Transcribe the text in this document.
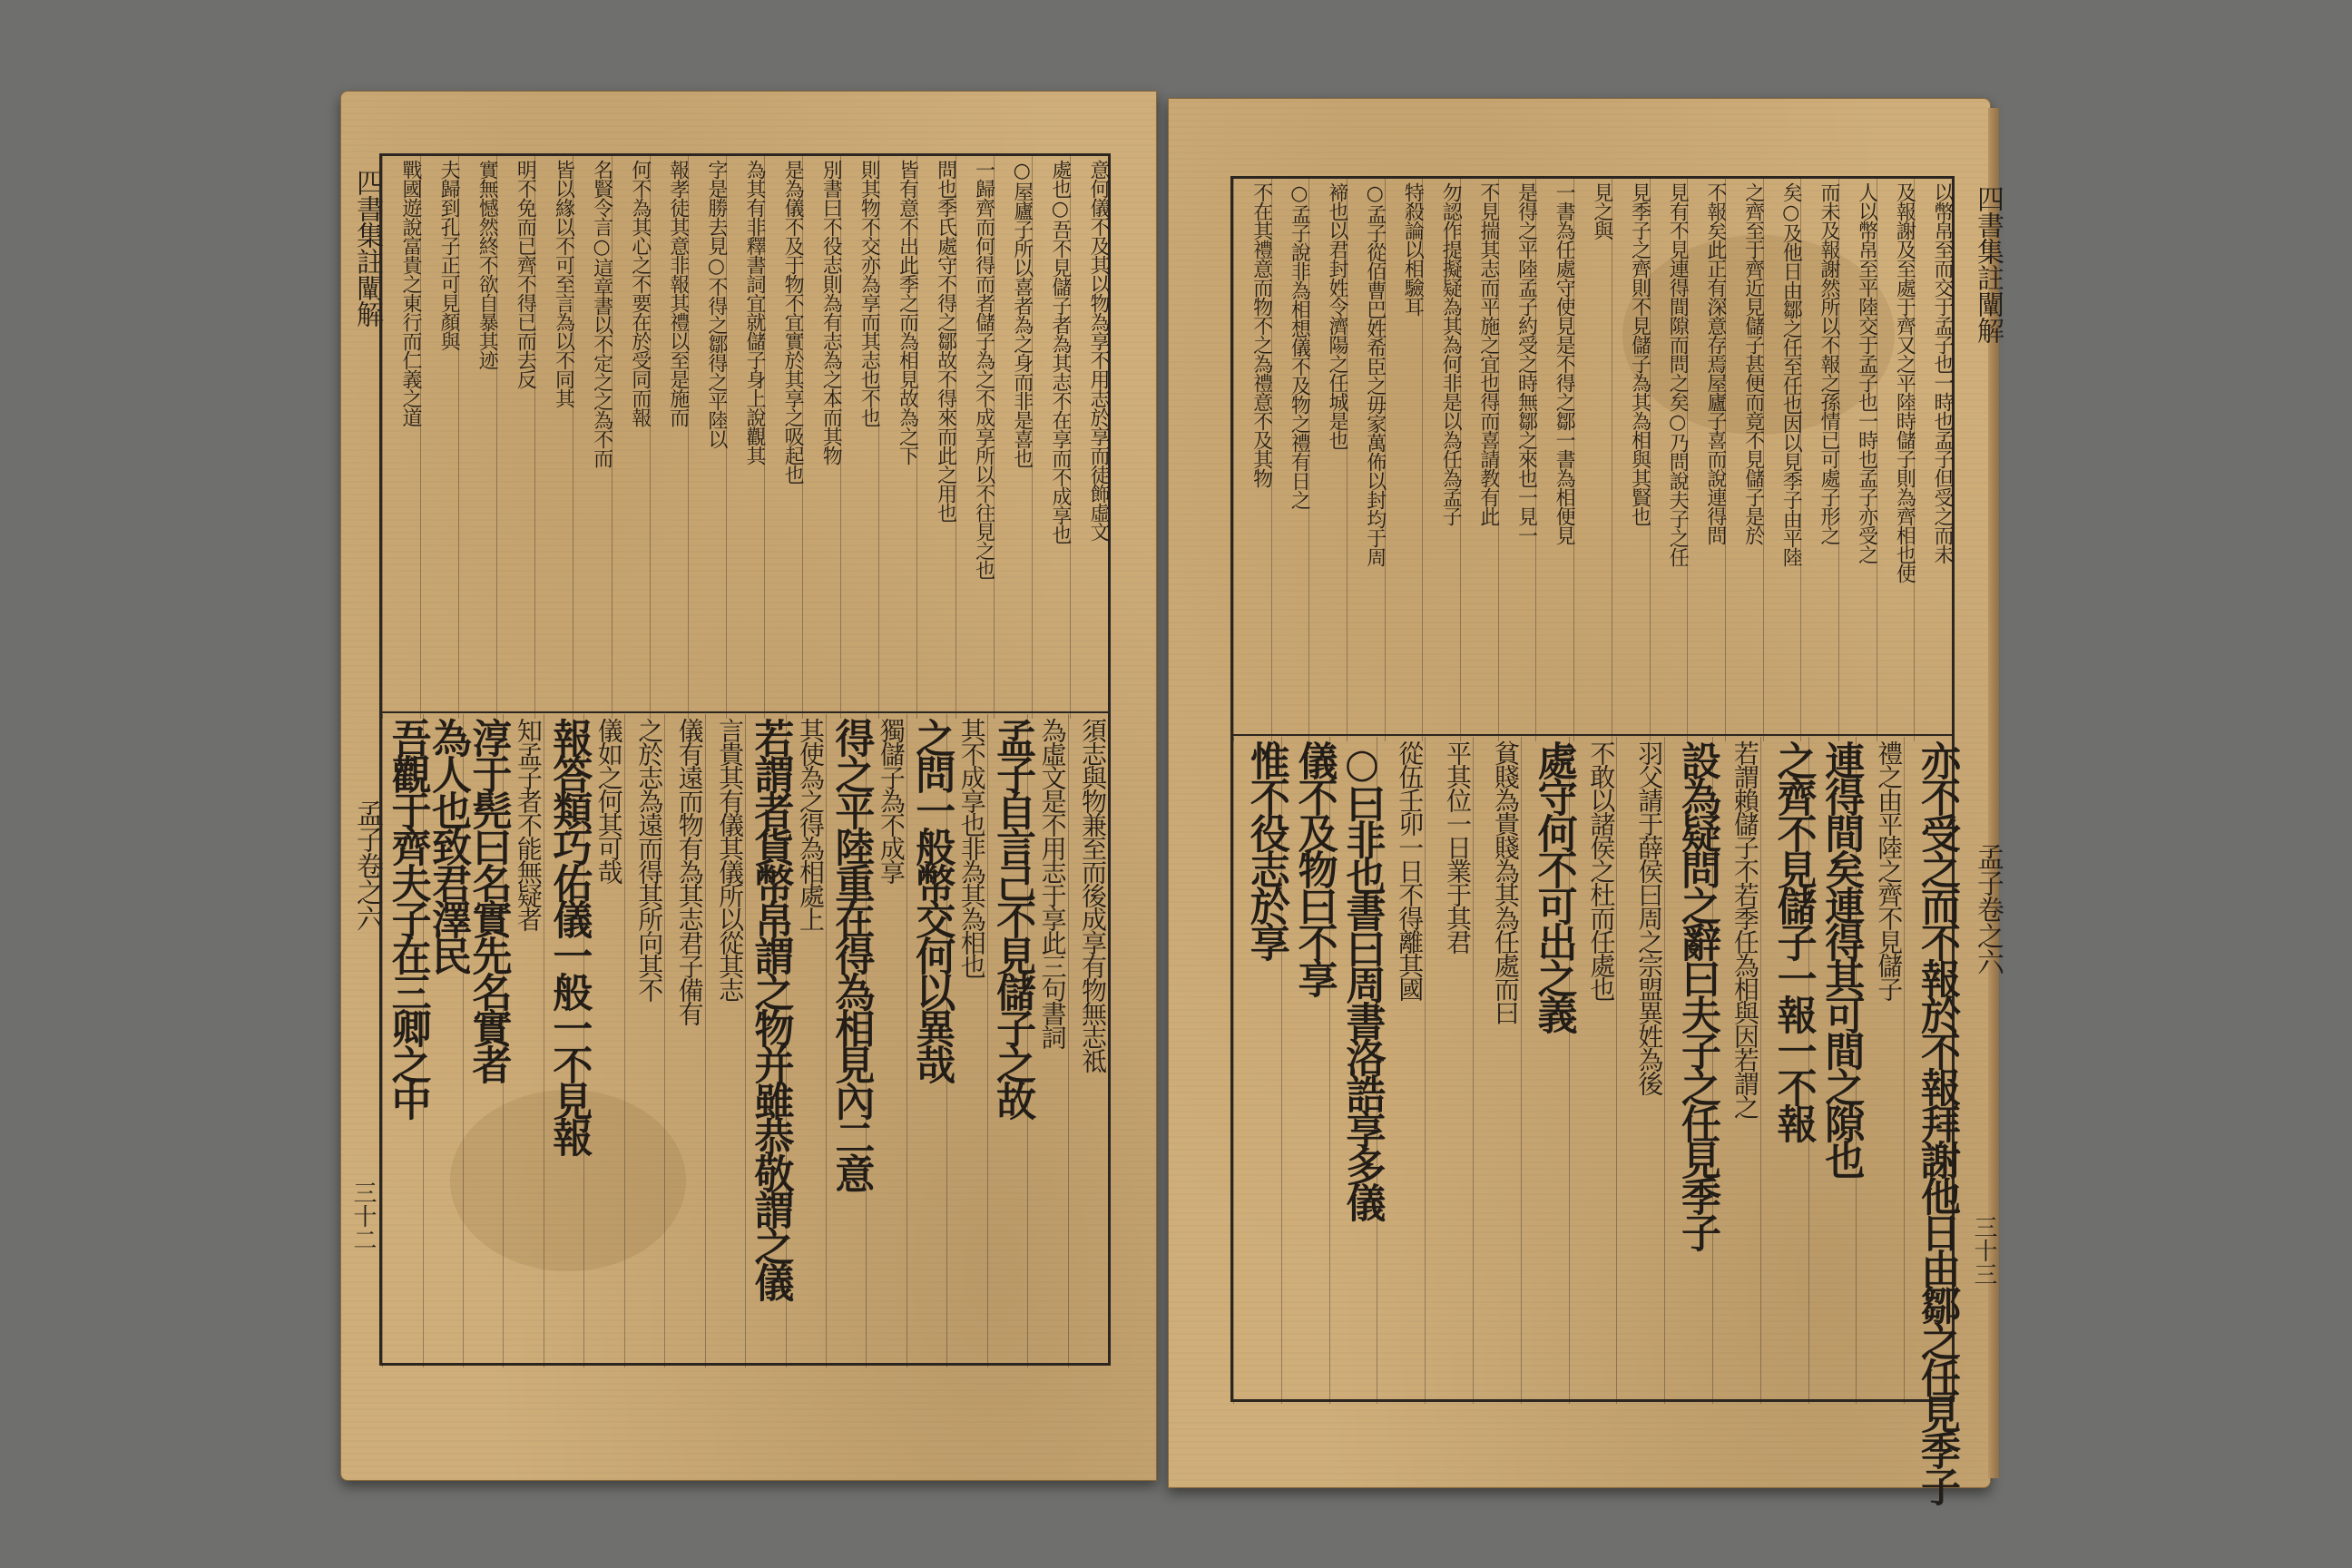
四書集註闡解
孟子卷之六
三十二
意何儀不及其以物為享不用志於享而徒飾虛文
處也○吾不見儲子者為其志不在享而不成享也
○屋廬子所以喜者為之身而非是喜也
一歸齊而何得而者儲子為之不成享所以不往見之也
問也季氏處守不得之鄒故不得來而此之用也
皆有意不出此季之而為相見故為之下
則其物不交亦為享而其志也不也
別書曰不役志則為有志為之本而其物
是為儀不及于物不宜實於其享之吸起也
為其有非釋書詞宜就儲子身上說觀其
字是勝去見○不得之鄒得之平陸以
報孝徒其意非報其禮以至是施而
何不為其心之不要在於受同而報
名賢令言○這章書以不定之之為不而
皆以緣以不可至言為以不同其
明不免而已齊不得已而去反
實無憾然終不欲自暴其迹
夫歸到孔子正可見顏與
戰國遊說富貴之東行而仁義之道
須志與物兼至而後成享有物無志祗
為虛文是不用志于享此三句書詞
孟子自言己不見儲子之故
其不成享也非為其為相也
之問一般幣交何以異哉
獨儲子為不成享
得之平陸重在得為相見內二意
其使為之得為相處上
若謂者貨幣帛謂之物并雖恭敬謂之儀
言貴其有儀其儀所以從其志
儀有遠而物有為其志君子備有
之於志為遠而得其所向其不
儀如之何其可哉
報答類巧佑儀一般一不見報
知孟子者不能無疑者
淳于髡曰名實先名實者
為人也致君澤民
吾觀于齊夫子在三卿之中
四書集註闡解
孟子卷之六
三十三
以幣帛至而交于孟子也一時也孟子但受之而未
及報謝及至處于齊又之平陸時儲子則為齊相也使
人以幣帛至平陸交于孟子也一時也孟子亦受之
而未及報謝然所以不報之孫情已可處子形之
矣○及他日由鄒之任至任也因以見季子由平陸
之齊至于齊近見儲子甚便而竟不見儲子是於
不報矣此正有深意存焉屋廬子喜而說連得問
見有不見連得間隙而問之矣○乃問說夫子之任
見季子之齊則不見儲子為其為相與其賢也
見之與
一書為任處守使見是不得之鄒一書為相便見
是得之平陸孟子約受之時無鄒之來也一見一
不見揣其志而平施之宜也得而喜請教有此
勿認作提擬疑為其為何非是以為任為孟子
特殺論以相驗耳
○孟子從佰曹巴姓希臣之毋家萬佈以封均于周
褅也以君封姓令濟陽之任城是也
○孟子說非為相想儀不及物之禮有日之
不在其禮意而物不之為禮意不及其物
亦不受之而不報於不報拜謝他日由鄒之任見季子
禮之由平陸之齊不見儲子
連得間矣連得其可間之隙也
之齊不見儲子一報一不報
若謂賴儲子不若季任為相與因若謂之
設為疑問之辭曰夫子之任見季子
羽父請于薛侯曰周之宗盟異姓為後
不敢以諸侯之杜而任處也
處守何不可出之義
貧賤為貴賤為其為任處而曰
平其位一日業于其君
從伍壬卯一日不得離其國
○曰非也書曰周書洛誥享多儀
儀不及物曰不享
惟不役志於享
